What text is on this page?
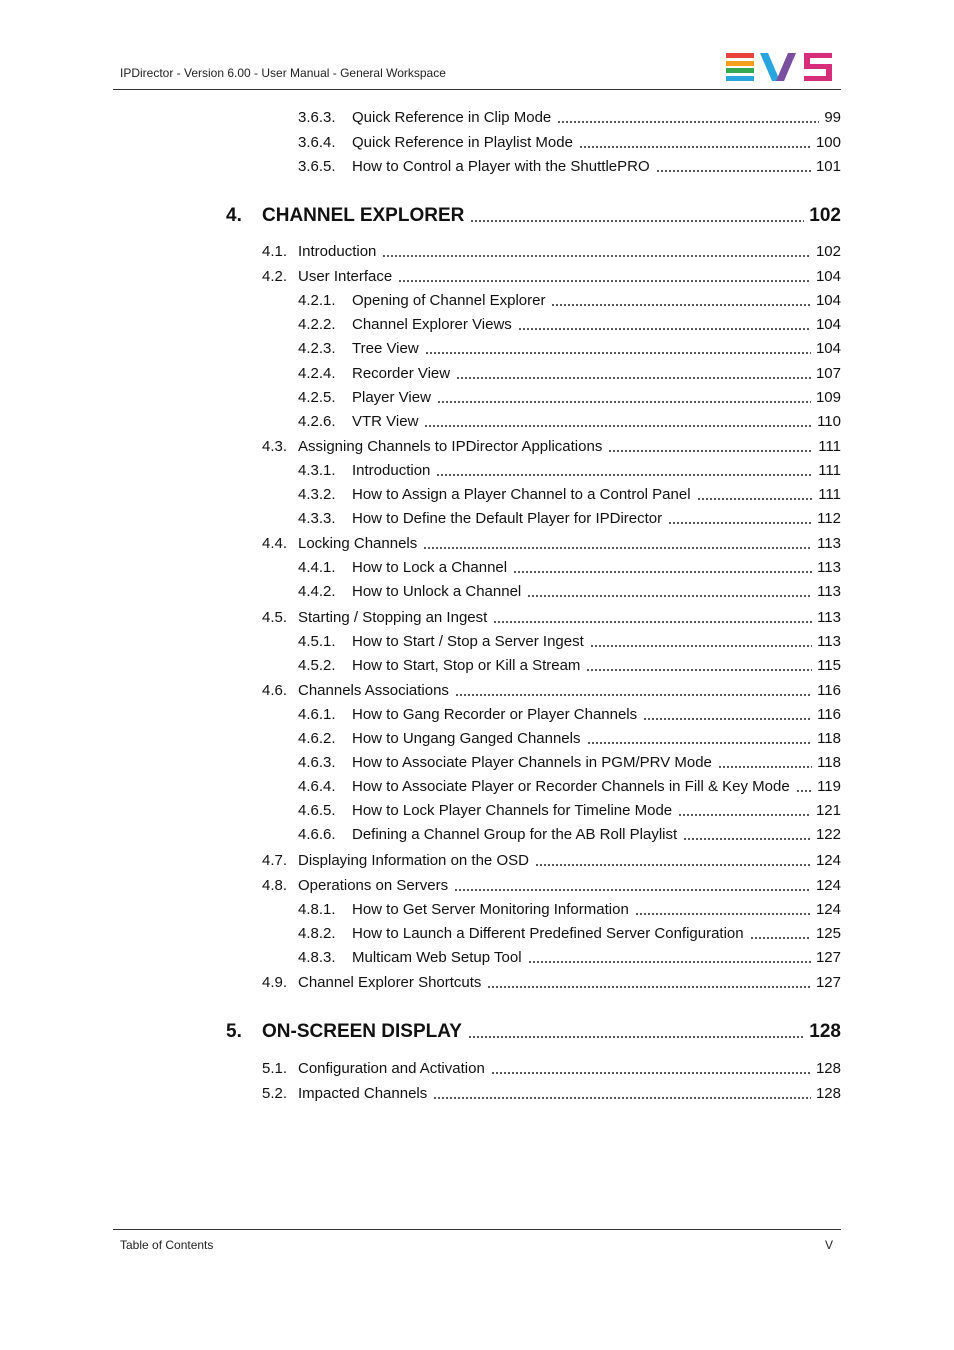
IPDirector - Version 6.00 - User Manual - General Workspace
3.6.3.	Quick Reference in Clip Mode	99
3.6.4.	Quick Reference in Playlist Mode	100
3.6.5.	How to Control a Player with the ShuttlePRO	101
4.	CHANNEL EXPLORER	102
4.1. Introduction	102
4.2. User Interface	104
4.2.1.	Opening of Channel Explorer	104
4.2.2.	Channel Explorer Views	104
4.2.3.	Tree View	104
4.2.4.	Recorder View	107
4.2.5.	Player View	109
4.2.6.	VTR View	110
4.3. Assigning Channels to IPDirector Applications	111
4.3.1.	Introduction	111
4.3.2.	How to Assign a Player Channel to a Control Panel	111
4.3.3.	How to Define the Default Player for IPDirector	112
4.4. Locking Channels	113
4.4.1.	How to Lock a Channel	113
4.4.2.	How to Unlock a Channel	113
4.5. Starting / Stopping an Ingest	113
4.5.1.	How to Start / Stop a Server Ingest	113
4.5.2.	How to Start, Stop or Kill a Stream	115
4.6. Channels Associations	116
4.6.1.	How to Gang Recorder or Player Channels	116
4.6.2.	How to Ungang Ganged Channels	118
4.6.3.	How to Associate Player Channels in PGM/PRV Mode	118
4.6.4.	How to Associate Player or Recorder Channels in Fill & Key Mode 119
4.6.5.	How to Lock Player Channels for Timeline Mode	121
4.6.6.	Defining a Channel Group for the AB Roll Playlist	122
4.7. Displaying Information on the OSD	124
4.8. Operations on Servers	124
4.8.1.	How to Get Server Monitoring Information	124
4.8.2.	How to Launch a Different Predefined Server Configuration	125
4.8.3.	Multicam Web Setup Tool	127
4.9. Channel Explorer Shortcuts	127
5.	ON-SCREEN DISPLAY	128
5.1. Configuration and Activation	128
5.2. Impacted Channels	128
Table of Contents	V
